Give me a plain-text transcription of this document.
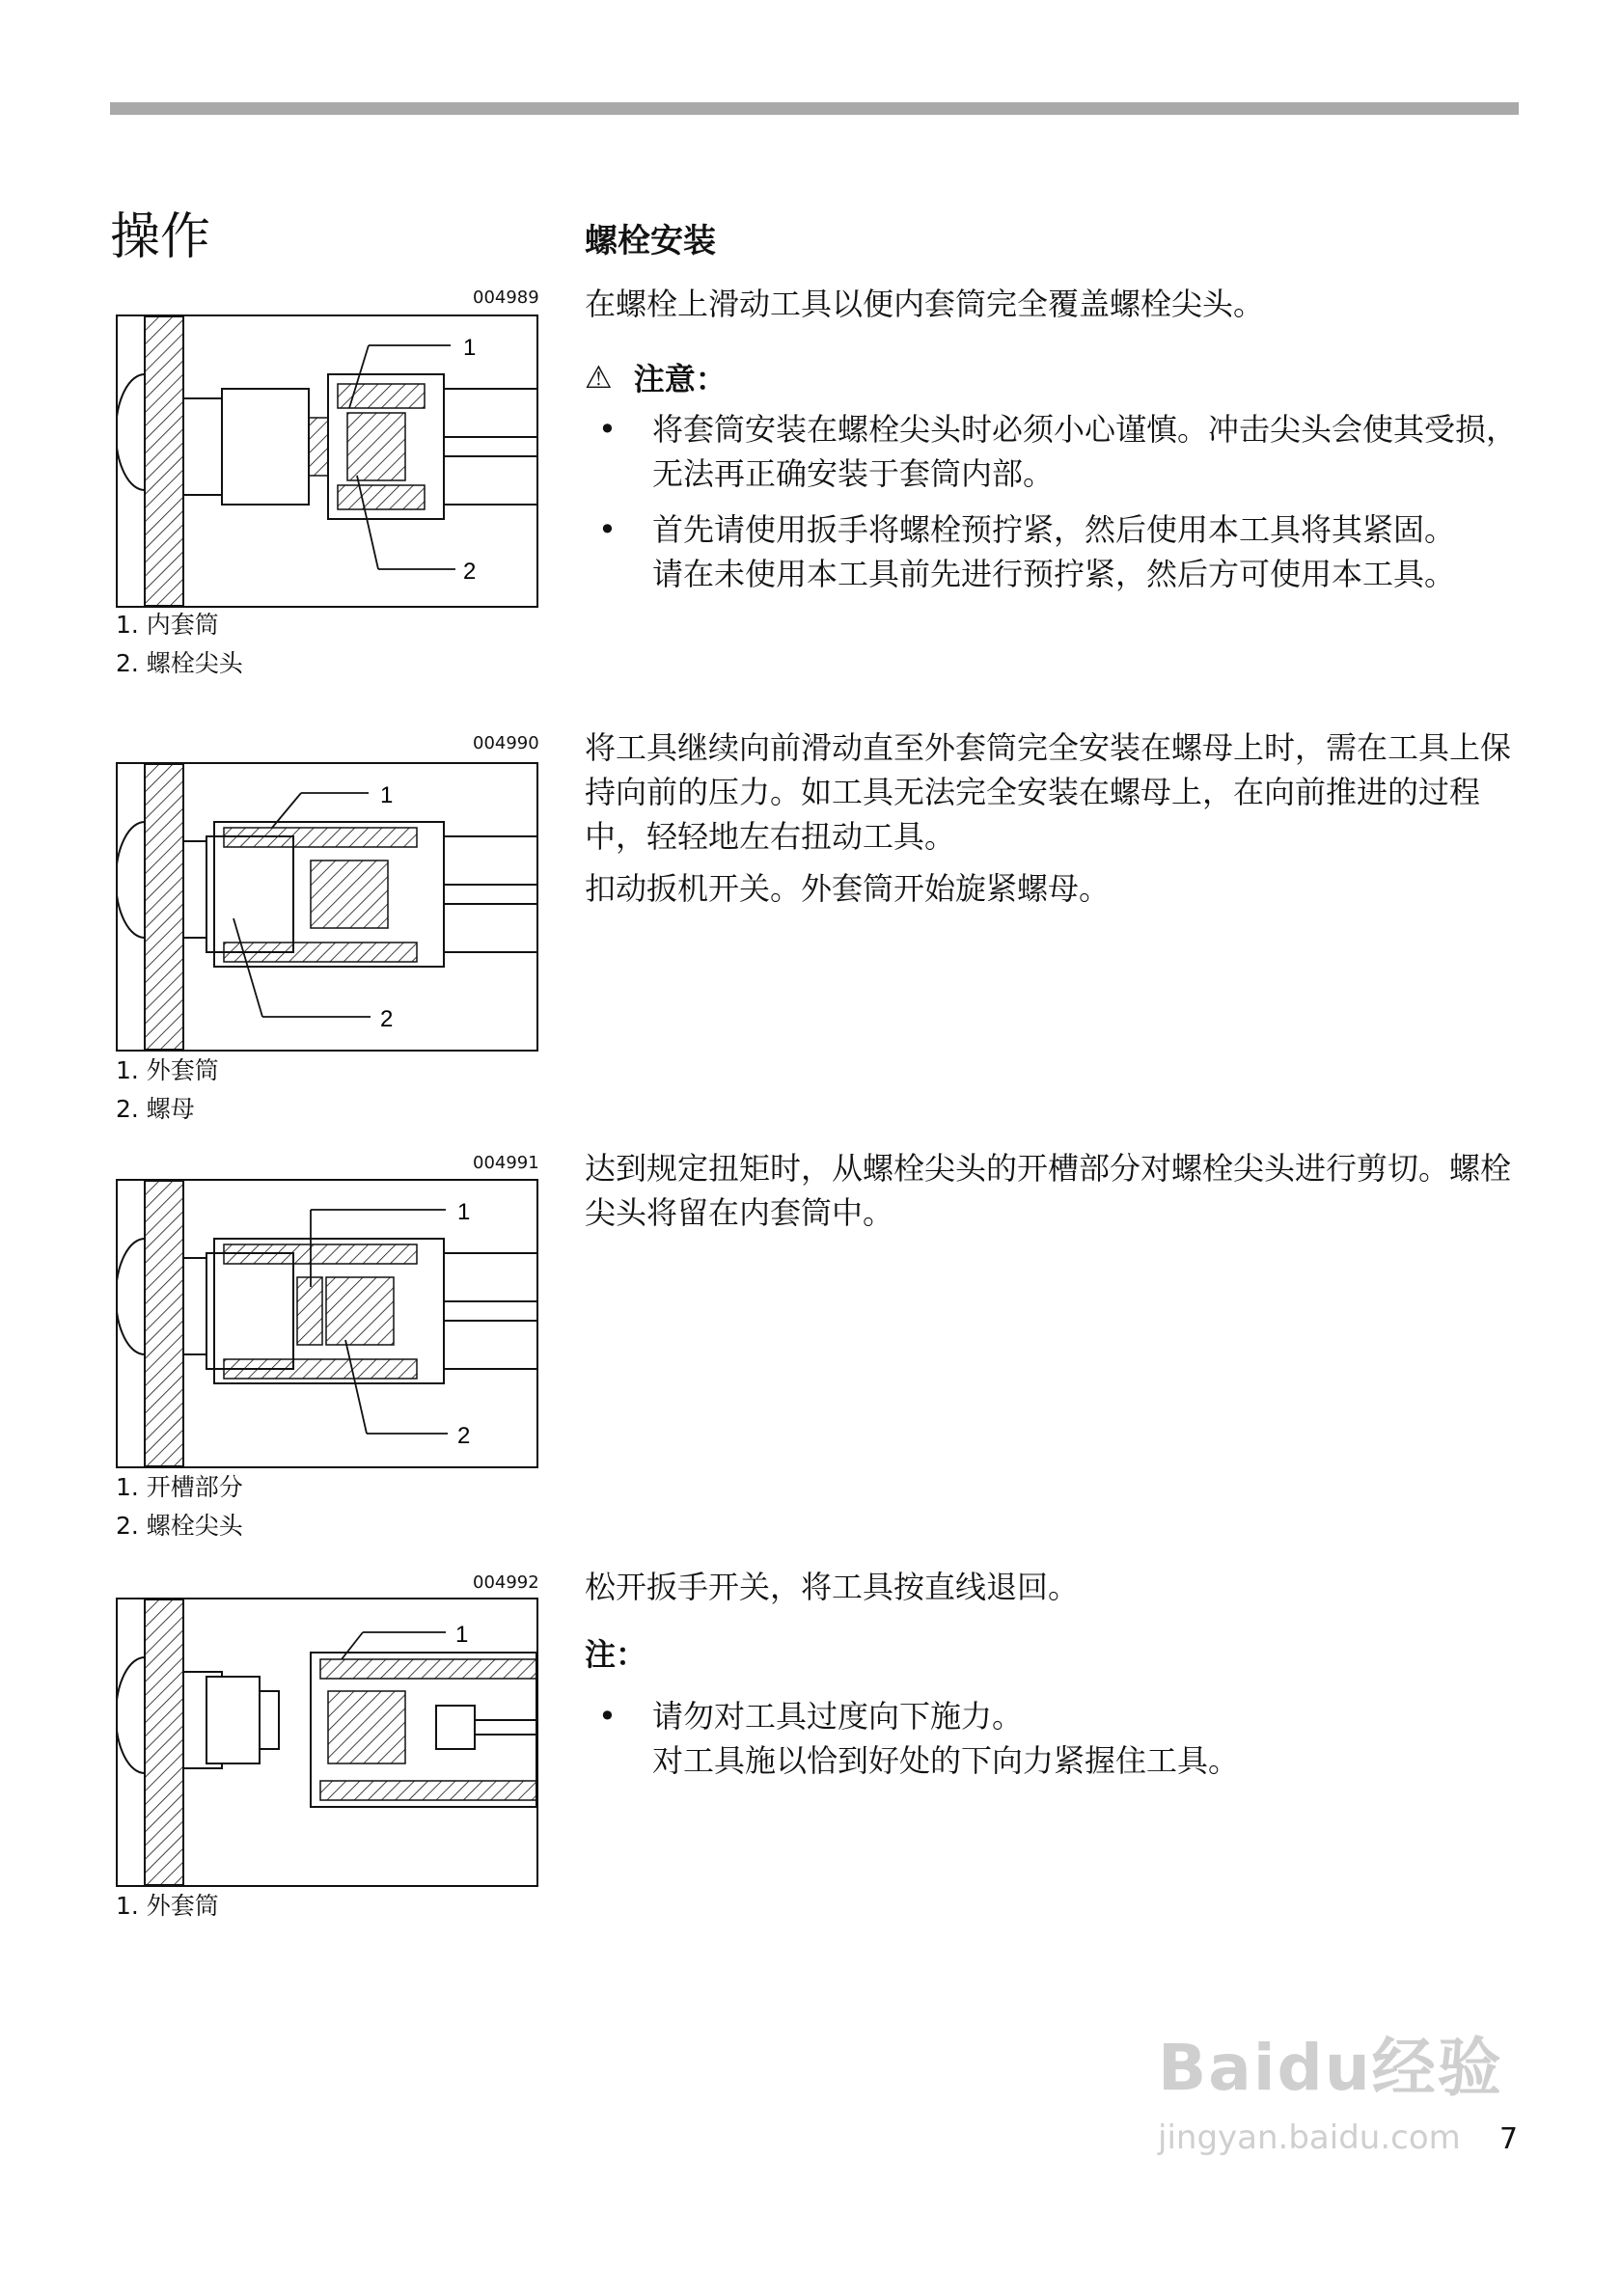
操作
004989
1
2
1. 内套筒
2. 螺栓尖头
004990
1
2
1. 外套筒
2. 螺母
004991
1
2
1. 开槽部分
2. 螺栓尖头
004992
1
1. 外套筒
螺栓安装
在螺栓上滑动工具以便内套筒完全覆盖螺栓尖头。
⚠ 注意：
• 将套筒安装在螺栓尖头时必须小心谨慎。冲击尖头会使其受损，无法再正确安装于套筒内部。
• 首先请使用扳手将螺栓预拧紧，然后使用本工具将其紧固。
请在未使用本工具前先进行预拧紧，然后方可使用本工具。
将工具继续向前滑动直至外套筒完全安装在螺母上时，需在工具上保持向前的压力。如工具无法完全安装在螺母上，在向前推进的过程中，轻轻地左右扭动工具。
扣动扳机开关。外套筒开始旋紧螺母。
达到规定扭矩时，从螺栓尖头的开槽部分对螺栓尖头进行剪切。螺栓尖头将留在内套筒中。
松开扳手开关，将工具按直线退回。
注：
• 请勿对工具过度向下施力。
对工具施以恰到好处的下向力紧握住工具。
Baidu经验
jingyan.baidu.com 7
